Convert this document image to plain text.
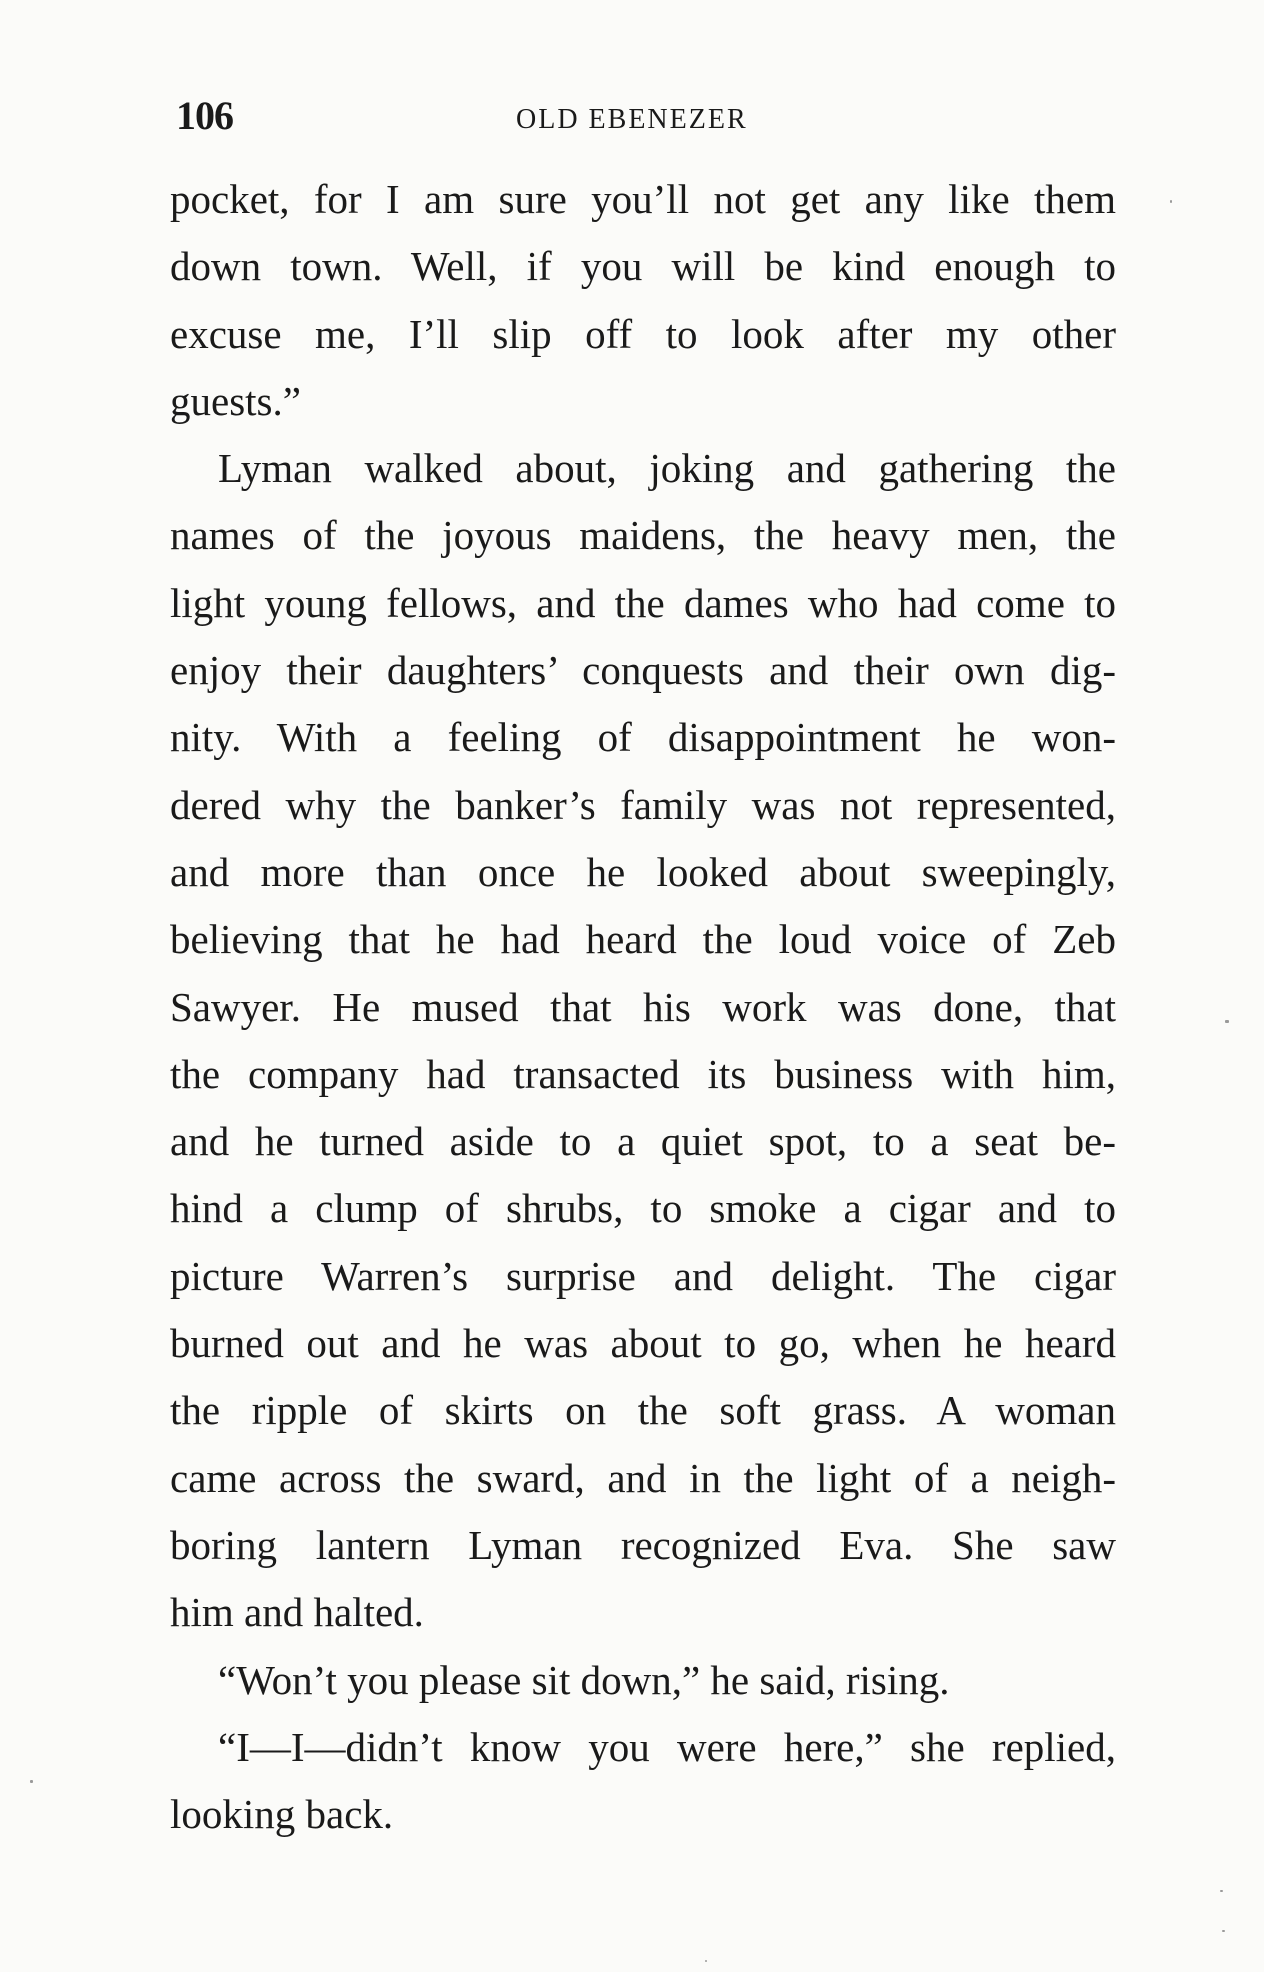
106	OLD EBENEZER
pocket, for I am sure you’ll not get any like them
down town. Well, if you will be kind enough to
excuse me, I’ll slip off to look after my other
guests.”
Lyman walked about, joking and gathering the
names of the joyous maidens, the heavy men, the
light young fellows, and the dames who had come to
enjoy their daughters’ conquests and their own dig-
nity. With a feeling of disappointment he won-
dered why the banker’s family was not represented,
and more than once he looked about sweepingly,
believing that he had heard the loud voice of Zeb
Sawyer. He mused that his work was done, that
the company had transacted its business with him,
and he turned aside to a quiet spot, to a seat be-
hind a clump of shrubs, to smoke a cigar and to
picture Warren’s surprise and delight. The cigar
burned out and he was about to go, when he heard
the ripple of skirts on the soft grass. A woman
came across the sward, and in the light of a neigh-
boring lantern Lyman recognized Eva. She saw
him and halted.
“Won’t you please sit down,” he said, rising.
“I—I—didn’t know you were here,” she replied,
looking back.
